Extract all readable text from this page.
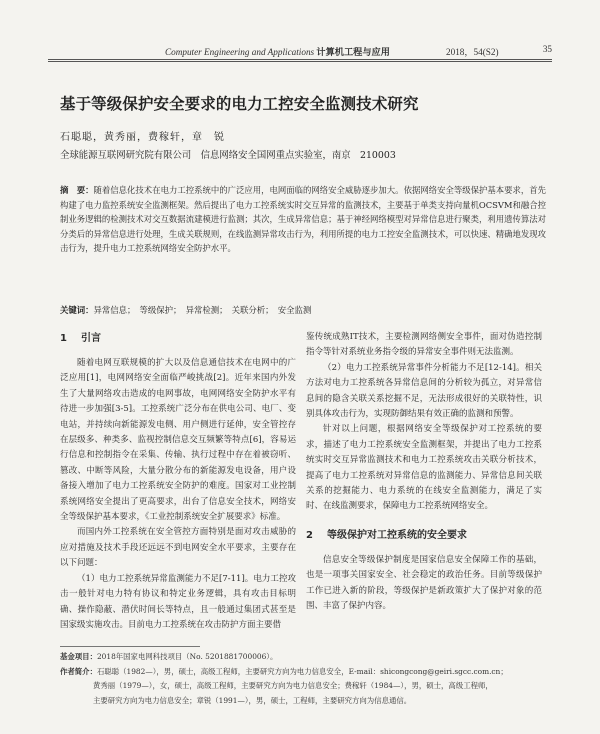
Computer Engineering and Applications 计算机工程与应用	2018，54(S2)	35
基于等级保护安全要求的电力工控安全监测技术研究
石聪聪，黄秀丽，费稼轩，章　锐
全球能源互联网研究院有限公司　信息网络安全国网重点实验室，南京　210003
摘　要：随着信息化技术在电力工控系统中的广泛应用，电网面临的网络安全威胁逐步加大。依据网络安全等级保护基本要求，首先构建了电力监控系统安全监测框架。然后提出了电力工控系统实时交互异常的监测技术，主要基于单类支持向量机OCSVM和融合控制业务逻辑的检测技术对交互数据流建模进行监测；其次，生成异常信息；基于神经网络模型对异常信息进行聚类，利用遗传算法对分类后的异常信息进行处理，生成关联规则，在线监测异常攻击行为，利用所提的电力工控安全监测技术，可以快速、精确地发现攻击行为，提升电力工控系统网络安全防护水平。
关键词：异常信息；　等级保护；　异常检测；　关联分析；　安全监测
1 引言

随着电网互联规模的扩大以及信息通信技术在电网中的广泛应用[1]，电网网络安全面临严峻挑战[2]。近年来国内外发生了大量网络攻击造成的电网事故，电网网络安全防护水平有待进一步加强[3-5]。工控系统广泛分布在供电公司、电厂、变电站，并持续向新能源发电侧、用户侧进行延伸，安全管控存在层级多、种类多、监视控制信息交互频繁等特点[6]，容易运行信息和控制指令在采集、传输、执行过程中存在着被窃听、篡改、中断等风险，大量分散分布的新能源发电设备，用户设备接入增加了电力工控系统安全防护的难度。国家对工业控制系统网络安全提出了更高要求，出台了信息安全技术，网络安全等级保护基本要求，《工业控制系统安全扩展要求》标准。

而国内外工控系统在安全管控方面特别是面对攻击威胁的应对措施及技术手段还远远不到电网安全水平要求，主要存在以下问题：

（1）电力工控系统异常监测能力不足[7-11]。电力工控攻击一般针对电力特有协议和特定业务逻辑，具有攻击目标明确、操作隐蔽、潜伏时间长等特点，且一般通过集团式甚至是国家级实施攻击。目前电力工控系统在攻击防护方面主要借

鉴传统成熟IT技术，主要检测网络侧安全事件，面对伪造控制指令等针对系统业务指令级的异常安全事件则无法监测。

（2）电力工控系统异常事件分析能力不足[12-14]。相关方法对电力工控系统各异常信息间的分析较为孤立，对异常信息间的隐含关联关系挖掘不足，无法形成很好的关联特性，识别具体攻击行为，实现防御结果有效正确的监测和预警。

针对以上问题，根据网络安全等级保护对工控系统的要求，描述了电力工控系统安全监测框架，并提出了电力工控系统实时交互异常监测技术和电力工控系统攻击关联分析技术，提高了电力工控系统对异常信息的监测能力、异常信息间关联关系的挖掘能力、电力系统的在线安全监测能力，满足了实时、在线监测要求，保障电力工控系统网络安全。

2 等级保护对工控系统的安全要求

信息安全等级保护制度是国家信息安全保障工作的基础，也是一项事关国家安全、社会稳定的政治任务。目前等级保护工作已进入新的阶段，等级保护是新政策扩大了保护对象的范围、丰富了保护内容。

基金项目：2018年国家电网科技项目（No. 5201881700006）。
作者简介：石聪聪（1982—），男，硕士，高级工程师，主要研究方向为电力信息安全，E-mail：shicongcong@geiri.sgcc.com.cn；
黄秀丽（1979—），女，硕士，高级工程师，主要研究方向为电力信息安全；费稼轩（1984—），男，硕士，高级工程师，
主要研究方向为电力信息安全；章锐（1991—），男，硕士，工程师，主要研究方向为信息通信。
